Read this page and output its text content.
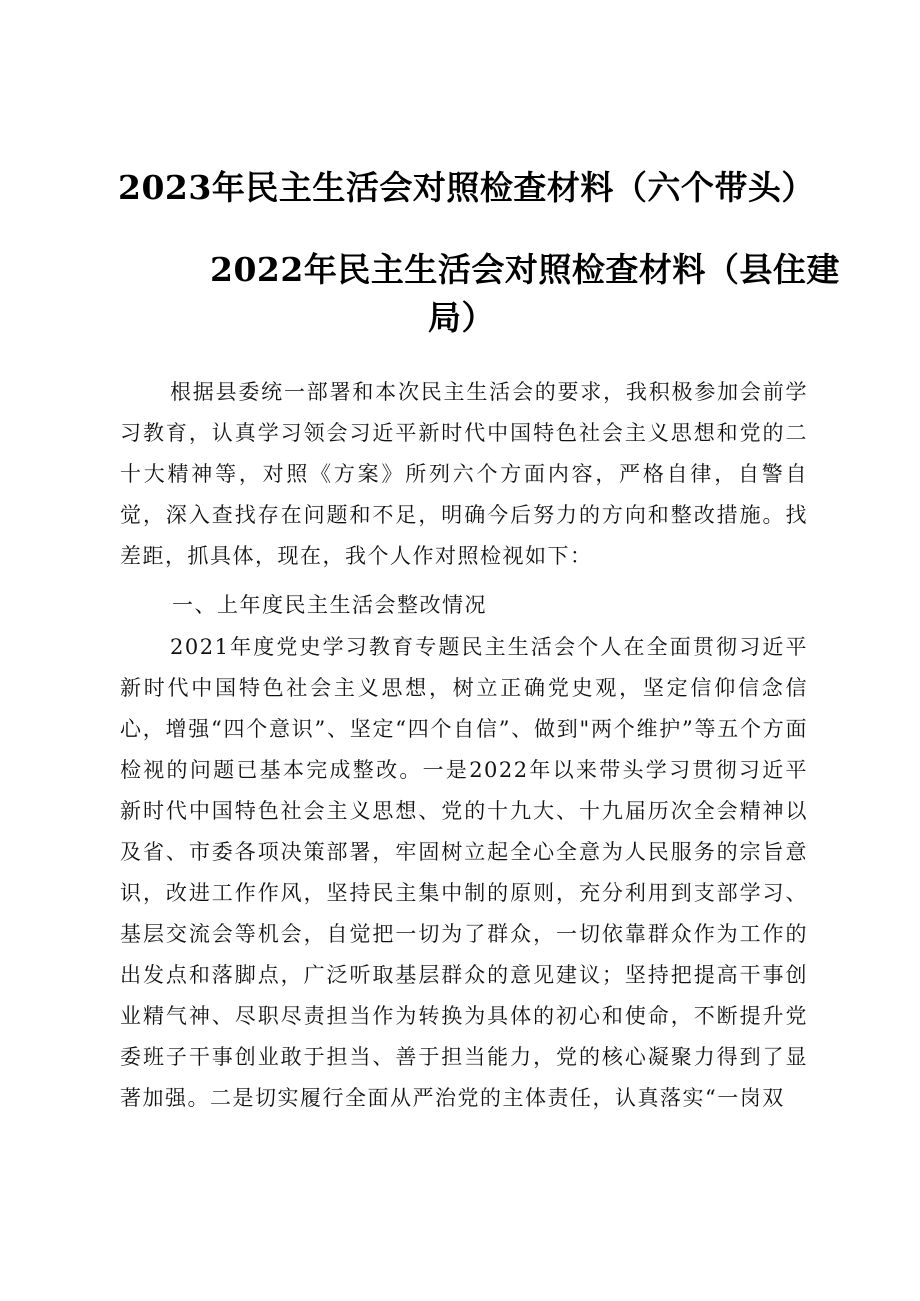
2023年民主生活会对照检查材料（六个带头）
2022年民主生活会对照检查材料（县住建
局）
根据县委统一部署和本次民主生活会的要求，我积极参加会前学习教育，认真学习领会习近平新时代中国特色社会主义思想和党的二十大精神等，对照《方案》所列六个方面内容，严格自律，自警自觉，深入查找存在问题和不足，明确今后努力的方向和整改措施。找差距，抓具体，现在，我个人作对照检视如下：
一、上年度民主生活会整改情况
2021年度党史学习教育专题民主生活会个人在全面贯彻习近平新时代中国特色社会主义思想，树立正确党史观，坚定信仰信念信心，增强“四个意识”、坚定“四个自信”、做到"两个维护”等五个方面检视的问题已基本完成整改。一是2022年以来带头学习贯彻习近平新时代中国特色社会主义思想、党的十九大、十九届历次全会精神以及省、市委各项决策部署，牢固树立起全心全意为人民服务的宗旨意识，改进工作作风，坚持民主集中制的原则，充分利用到支部学习、基层交流会等机会，自觉把一切为了群众，一切依靠群众作为工作的出发点和落脚点，广泛听取基层群众的意见建议；坚持把提高干事创业精气神、尽职尽责担当作为转换为具体的初心和使命，不断提升党委班子干事创业敢于担当、善于担当能力，党的核心凝聚力得到了显著加强。二是切实履行全面从严治党的主体责任，认真落实“一岗双
